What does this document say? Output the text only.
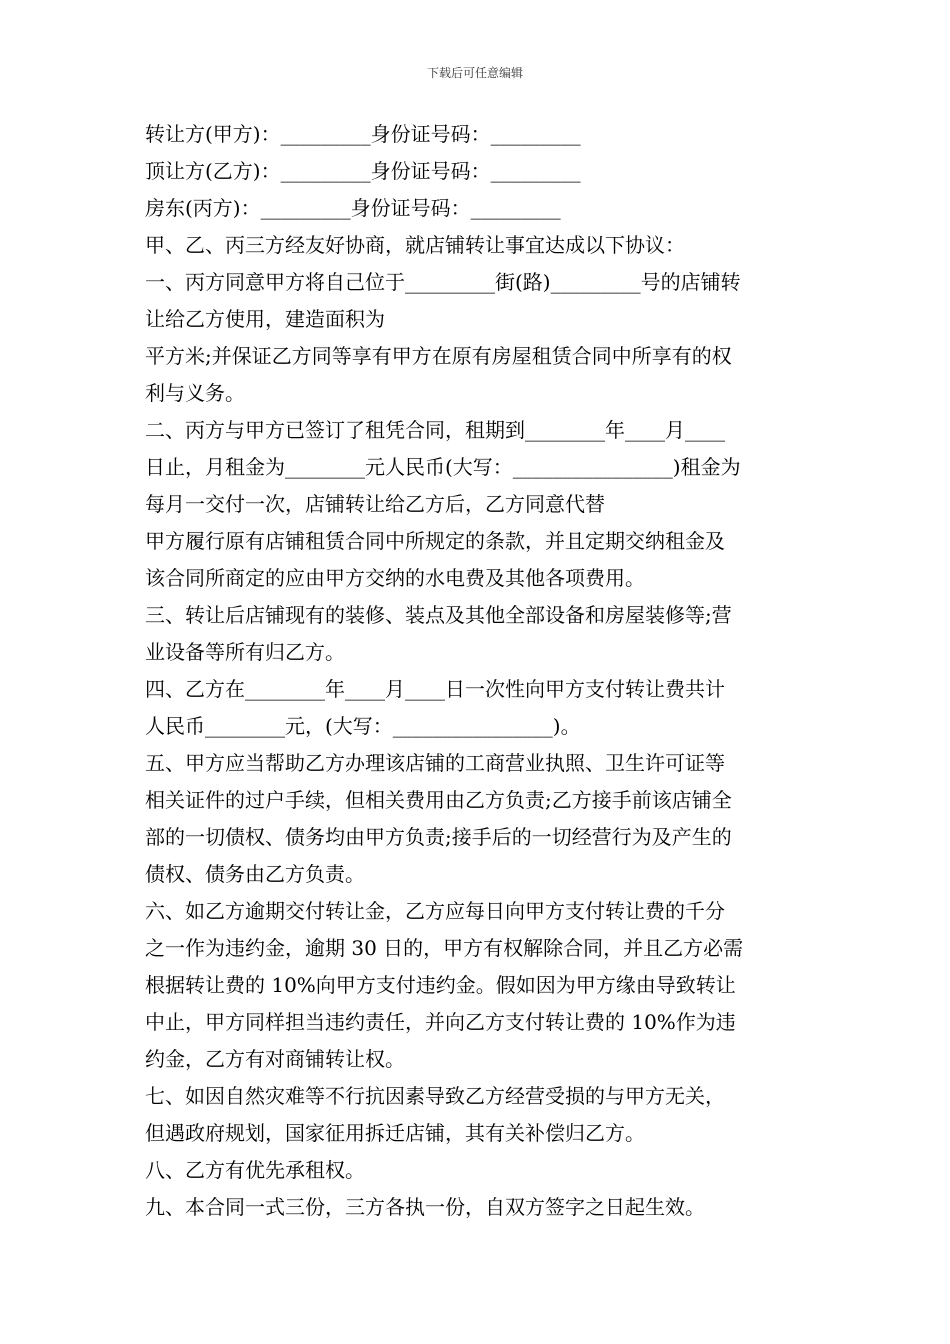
下载后可任意编辑
转让方(甲方)：_________身份证号码：_________
顶让方(乙方)：_________身份证号码：_________
房东(丙方)：_________身份证号码：_________
甲、乙、丙三方经友好协商，就店铺转让事宜达成以下协议：
一、丙方同意甲方将自己位于_________街(路)_________号的店铺转
让给乙方使用，建造面积为
平方米;并保证乙方同等享有甲方在原有房屋租赁合同中所享有的权
利与义务。
二、丙方与甲方已签订了租凭合同，租期到________年____月____
日止，月租金为________元人民币(大写：________________)租金为
每月一交付一次，店铺转让给乙方后，乙方同意代替
甲方履行原有店铺租赁合同中所规定的条款，并且定期交纳租金及
该合同所商定的应由甲方交纳的水电费及其他各项费用。
三、转让后店铺现有的装修、装点及其他全部设备和房屋装修等;营
业设备等所有归乙方。
四、乙方在________年____月____日一次性向甲方支付转让费共计
人民币________元，(大写：________________)。
五、甲方应当帮助乙方办理该店铺的工商营业执照、卫生许可证等
相关证件的过户手续，但相关费用由乙方负责;乙方接手前该店铺全
部的一切债权、债务均由甲方负责;接手后的一切经营行为及产生的
债权、债务由乙方负责。
六、如乙方逾期交付转让金，乙方应每日向甲方支付转让费的千分
之一作为违约金，逾期 30 日的，甲方有权解除合同，并且乙方必需
根据转让费的 10%向甲方支付违约金。假如因为甲方缘由导致转让
中止，甲方同样担当违约责任，并向乙方支付转让费的 10%作为违
约金，乙方有对商铺转让权。
七、如因自然灾难等不行抗因素导致乙方经营受损的与甲方无关，
但遇政府规划，国家征用拆迁店铺，其有关补偿归乙方。
八、乙方有优先承租权。
九、本合同一式三份，三方各执一份，自双方签字之日起生效。
